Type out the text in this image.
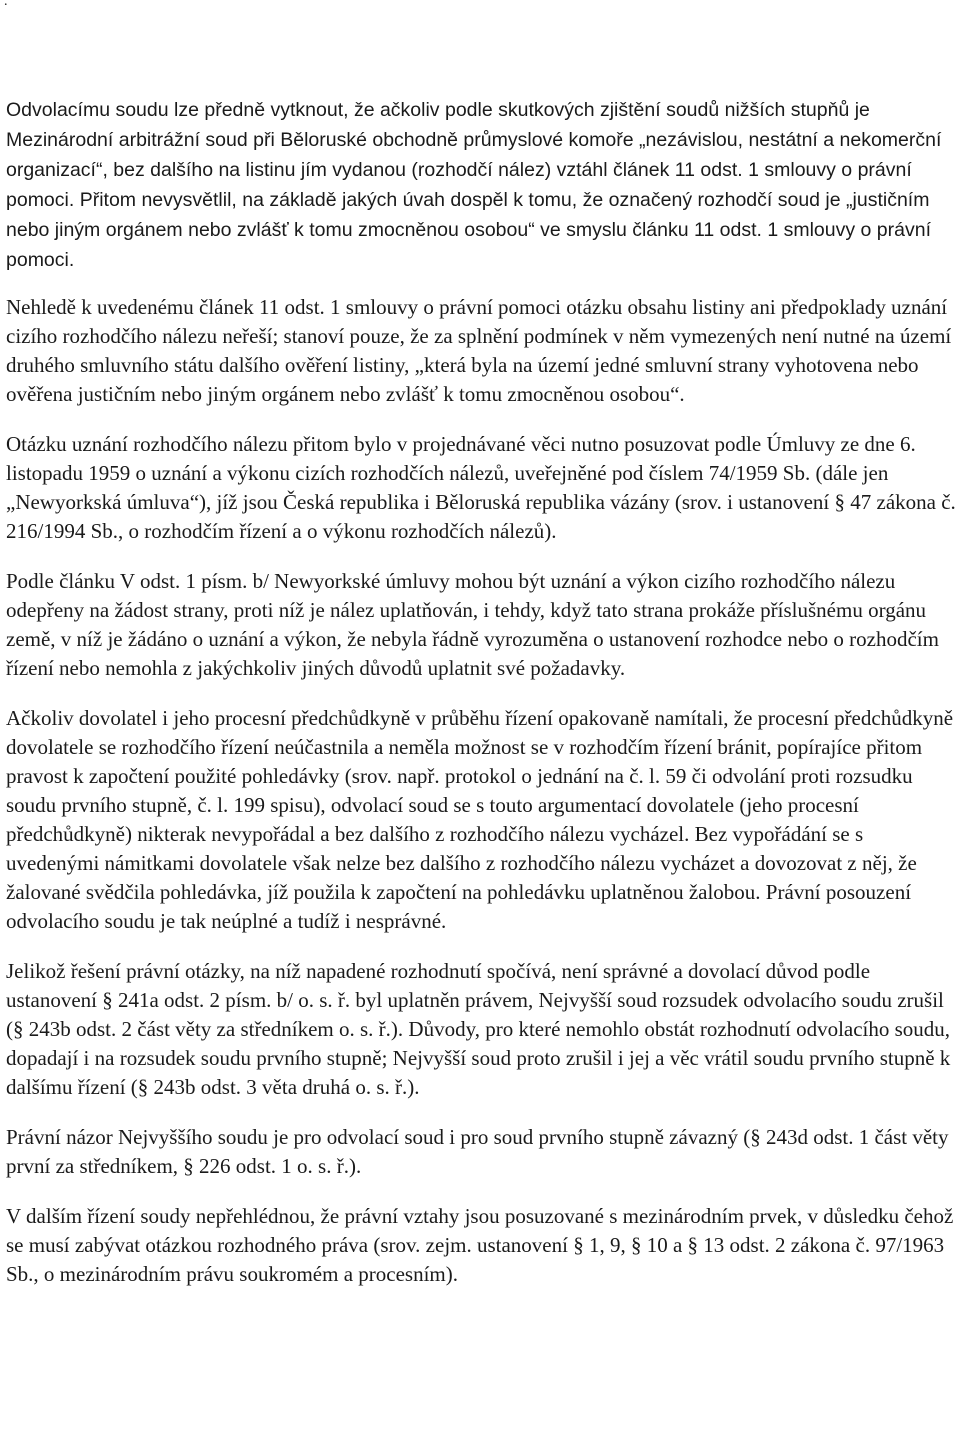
.

Odvolacímu soudu lze předně vytknout, že ačkoliv podle skutkových zjištění soudů nižších stupňů je Mezinárodní arbitrážní soud při Běloruské obchodně průmyslové komoře „nezávislou, nestátní a nekomerční organizací“, bez dalšího na listinu jím vydanou (rozhodčí nález) vztáhl článek 11 odst. 1 smlouvy o právní pomoci. Přitom nevysvětlil, na základě jakých úvah dospěl k tomu, že označený rozhodčí soud je „justičním nebo jiným orgánem nebo zvlášť k tomu zmocněnou osobou“ ve smyslu článku 11 odst. 1 smlouvy o právní pomoci.

Nehledě k uvedenému článek 11 odst. 1 smlouvy o právní pomoci otázku obsahu listiny ani předpoklady uznání cizího rozhodčího nálezu neřeší; stanoví pouze, že za splnění podmínek v něm vymezených není nutné na území druhého smluvního státu dalšího ověření listiny, „která byla na území jedné smluvní strany vyhotovena nebo ověřena justičním nebo jiným orgánem nebo zvlášť k tomu zmocněnou osobou“.

Otázku uznání rozhodčího nálezu přitom bylo v projednávané věci nutno posuzovat podle Úmluvy ze dne 6. listopadu 1959 o uznání a výkonu cizích rozhodčích nálezů, uveřejněné pod číslem 74/1959 Sb. (dále jen „Newyorkská úmluva“), jíž jsou Česká republika i Běloruská republika vázány (srov. i ustanovení § 47 zákona č. 216/1994 Sb., o rozhodčím řízení a o výkonu rozhodčích nálezů).

Podle článku V odst. 1 písm. b/ Newyorkské úmluvy mohou být uznání a výkon cizího rozhodčího nálezu odepřeny na žádost strany, proti níž je nález uplatňován, i tehdy, když tato strana prokáže příslušnému orgánu země, v níž je žádáno o uznání a výkon, že nebyla řádně vyrozuměna o ustanovení rozhodce nebo o rozhodčím řízení nebo nemohla z jakýchkoliv jiných důvodů uplatnit své požadavky.

Ačkoliv dovolatel i jeho procesní předchůdkyně v průběhu řízení opakovaně namítali, že procesní předchůdkyně dovolatele se rozhodčího řízení neúčastnila a neměla možnost se v rozhodčím řízení bránit, popírajíce přitom pravost k započtení použité pohledávky (srov. např. protokol o jednání na č. l. 59 či odvolání proti rozsudku soudu prvního stupně, č. l. 199 spisu), odvolací soud se s touto argumentací dovolatele (jeho procesní předchůdkyně) nikterak nevypořádal a bez dalšího z rozhodčího nálezu vycházel. Bez vypořádání se s uvedenými námitkami dovolatele však nelze bez dalšího z rozhodčího nálezu vycházet a dovozovat z něj, že žalované svědčila pohledávka, jíž použila k započtení na pohledávku uplatněnou žalobou. Právní posouzení odvolacího soudu je tak neúplné a tudíž i nesprávné.

Jelikož řešení právní otázky, na níž napadené rozhodnutí spočívá, není správné a dovolací důvod podle ustanovení § 241a odst. 2 písm. b/ o. s. ř. byl uplatněn právem, Nejvyšší soud rozsudek odvolacího soudu zrušil (§ 243b odst. 2 část věty za středníkem o. s. ř.). Důvody, pro které nemohlo obstát rozhodnutí odvolacího soudu, dopadají i na rozsudek soudu prvního stupně; Nejvyšší soud proto zrušil i jej a věc vrátil soudu prvního stupně k dalšímu řízení (§ 243b odst. 3 věta druhá o. s. ř.).

Právní názor Nejvyššího soudu je pro odvolací soud i pro soud prvního stupně závazný (§ 243d odst. 1 část věty první za středníkem, § 226 odst. 1 o. s. ř.).

V dalším řízení soudy nepřehlédnou, že právní vztahy jsou posuzované s mezinárodním prvek, v důsledku čehož se musí zabývat otázkou rozhodného práva (srov. zejm. ustanovení § 1, 9, § 10 a § 13 odst. 2 zákona č. 97/1963 Sb., o mezinárodním právu soukromém a procesním).
